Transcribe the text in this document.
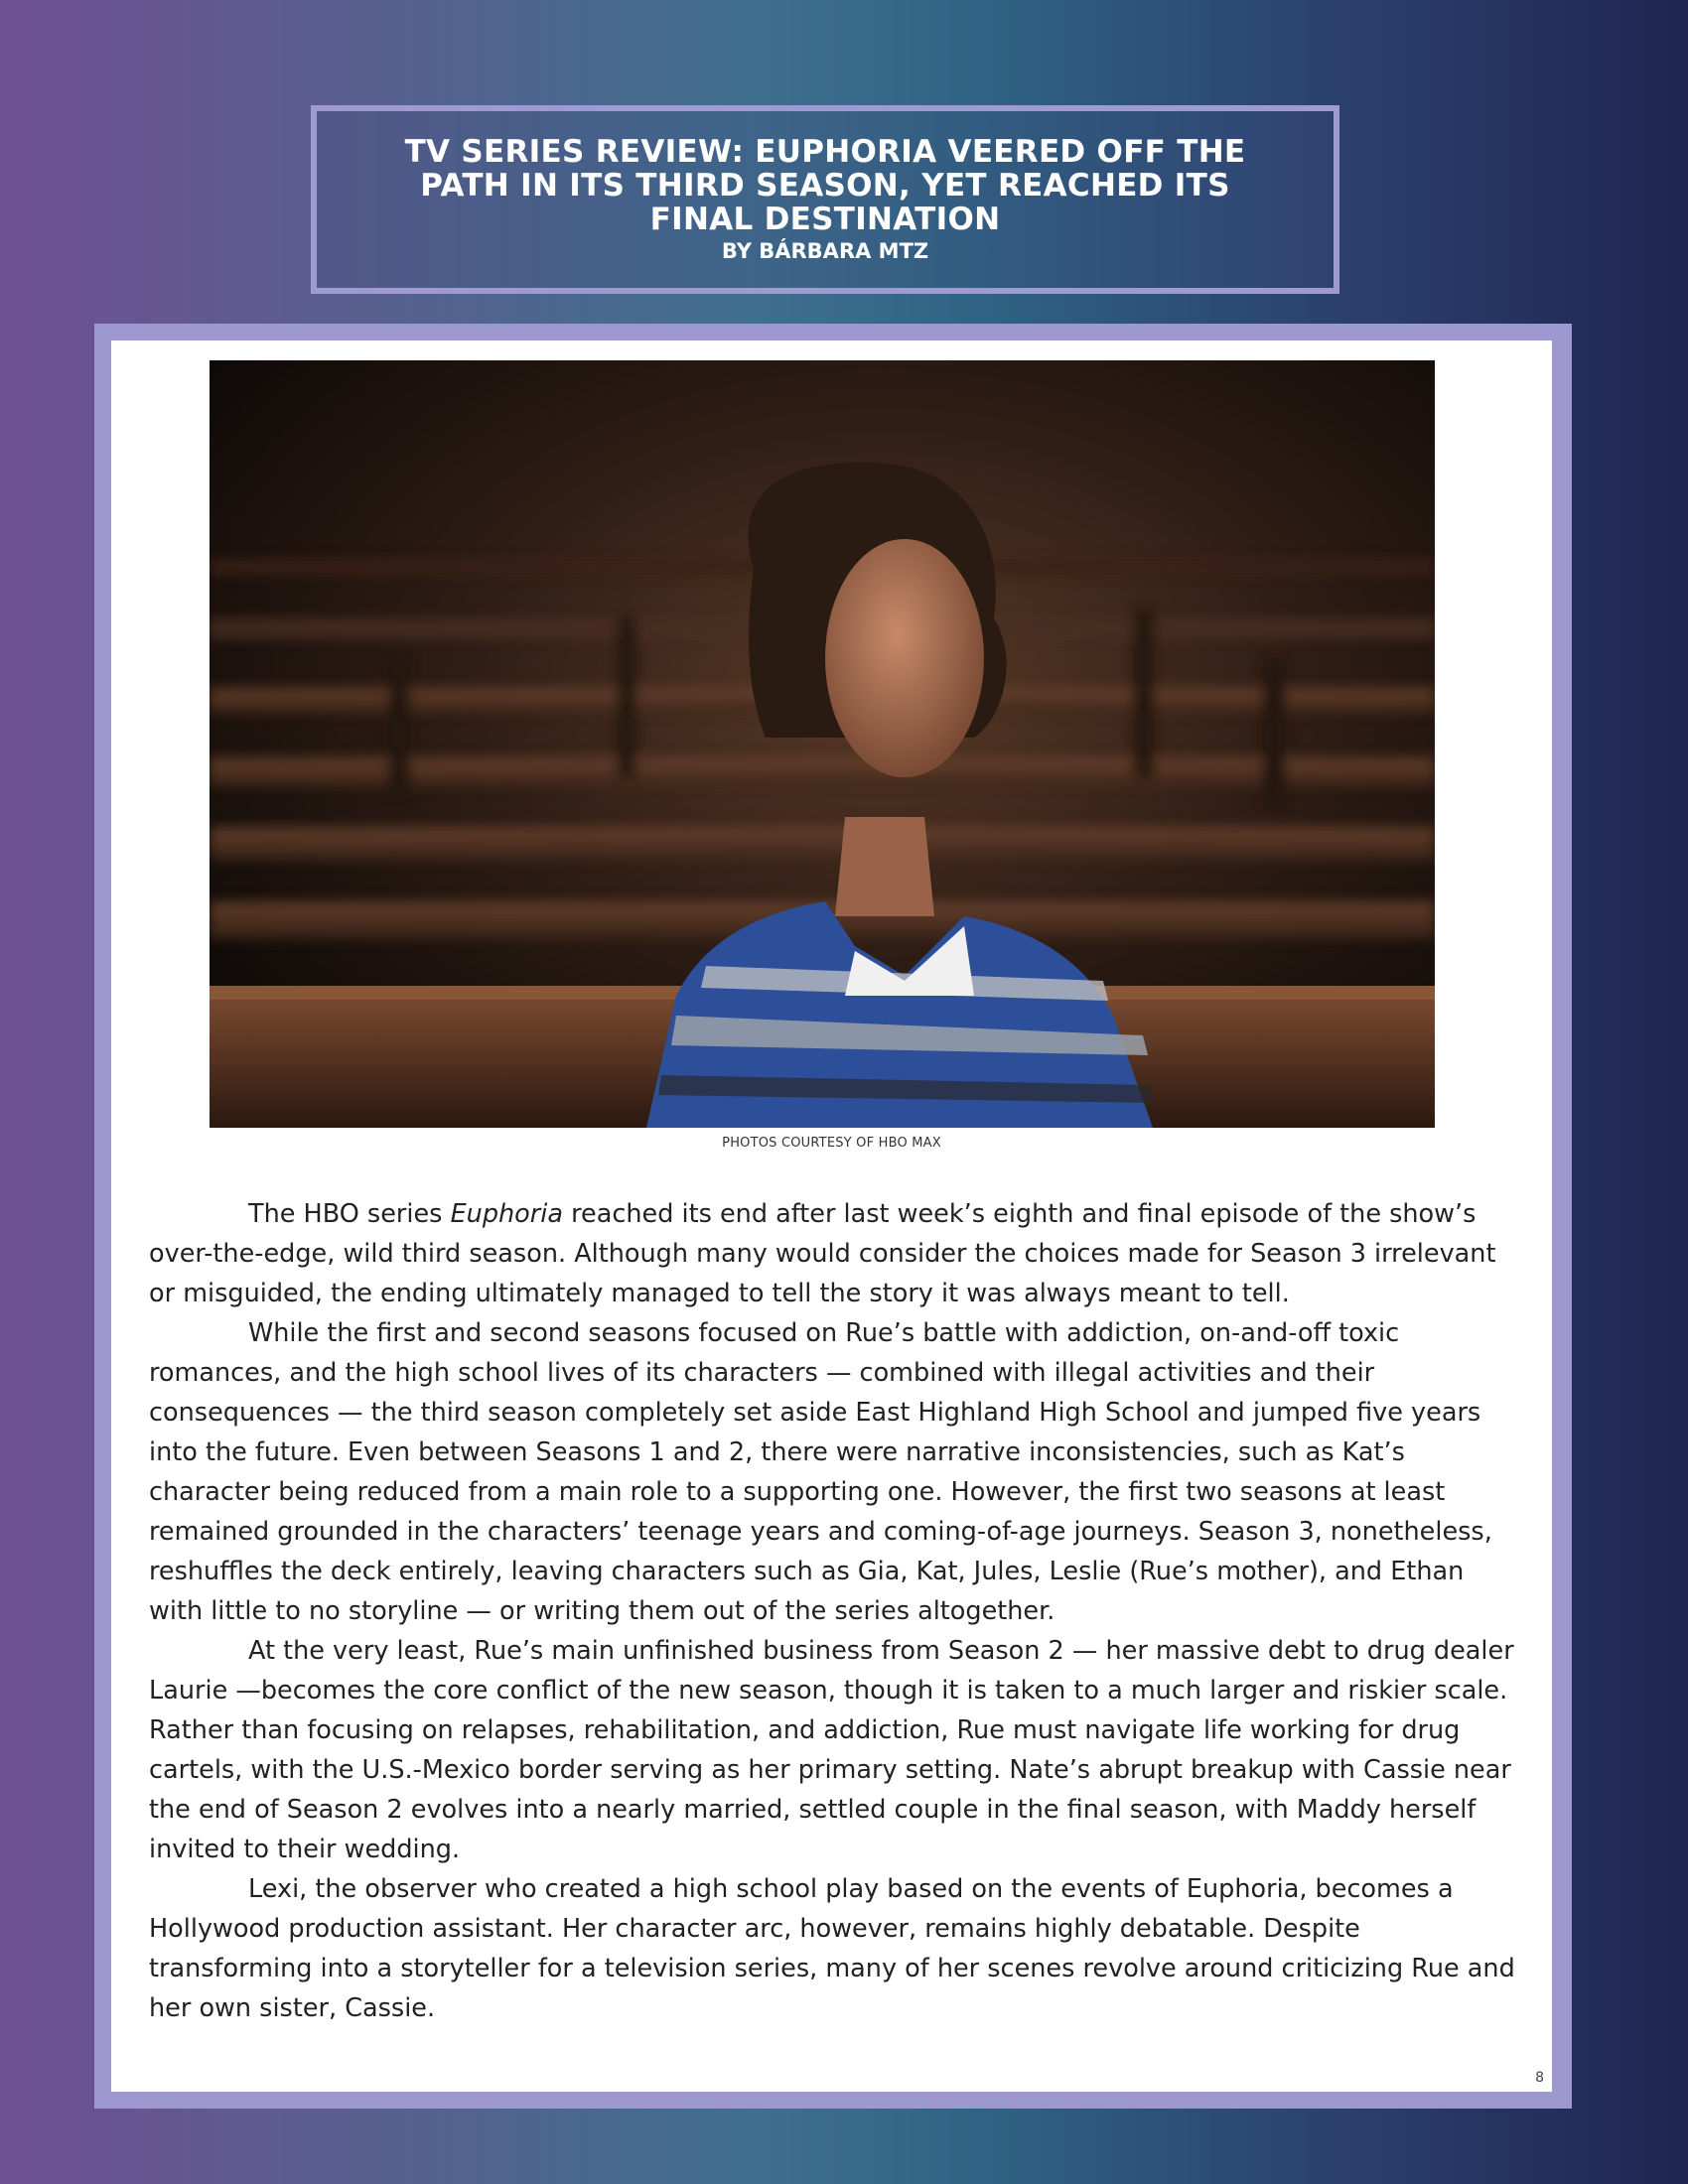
TV SERIES REVIEW: EUPHORIA VEERED OFF THE PATH IN ITS THIRD SEASON, YET REACHED ITS FINAL DESTINATION
BY BÁRBARA MTZ
PHOTOS COURTESY OF HBO MAX

The HBO series Euphoria reached its end after last week’s eighth and final episode of the show’s over-the-edge, wild third season. Although many would consider the choices made for Season 3 irrelevant or misguided, the ending ultimately managed to tell the story it was always meant to tell.

While the first and second seasons focused on Rue’s battle with addiction, on-and-off toxic romances, and the high school lives of its characters — combined with illegal activities and their consequences — the third season completely set aside East Highland High School and jumped five years into the future. Even between Seasons 1 and 2, there were narrative inconsistencies, such as Kat’s character being reduced from a main role to a supporting one. However, the first two seasons at least remained grounded in the characters’ teenage years and coming-of-age journeys. Season 3, nonetheless, reshuffles the deck entirely, leaving characters such as Gia, Kat, Jules, Leslie (Rue’s mother), and Ethan with little to no storyline — or writing them out of the series altogether.

At the very least, Rue’s main unfinished business from Season 2 — her massive debt to drug dealer Laurie —becomes the core conflict of the new season, though it is taken to a much larger and riskier scale. Rather than focusing on relapses, rehabilitation, and addiction, Rue must navigate life working for drug cartels, with the U.S.-Mexico border serving as her primary setting. Nate’s abrupt breakup with Cassie near the end of Season 2 evolves into a nearly married, settled couple in the final season, with Maddy herself invited to their wedding.

Lexi, the observer who created a high school play based on the events of Euphoria, becomes a Hollywood production assistant. Her character arc, however, remains highly debatable. Despite transforming into a storyteller for a television series, many of her scenes revolve around criticizing Rue and her own sister, Cassie.

8
